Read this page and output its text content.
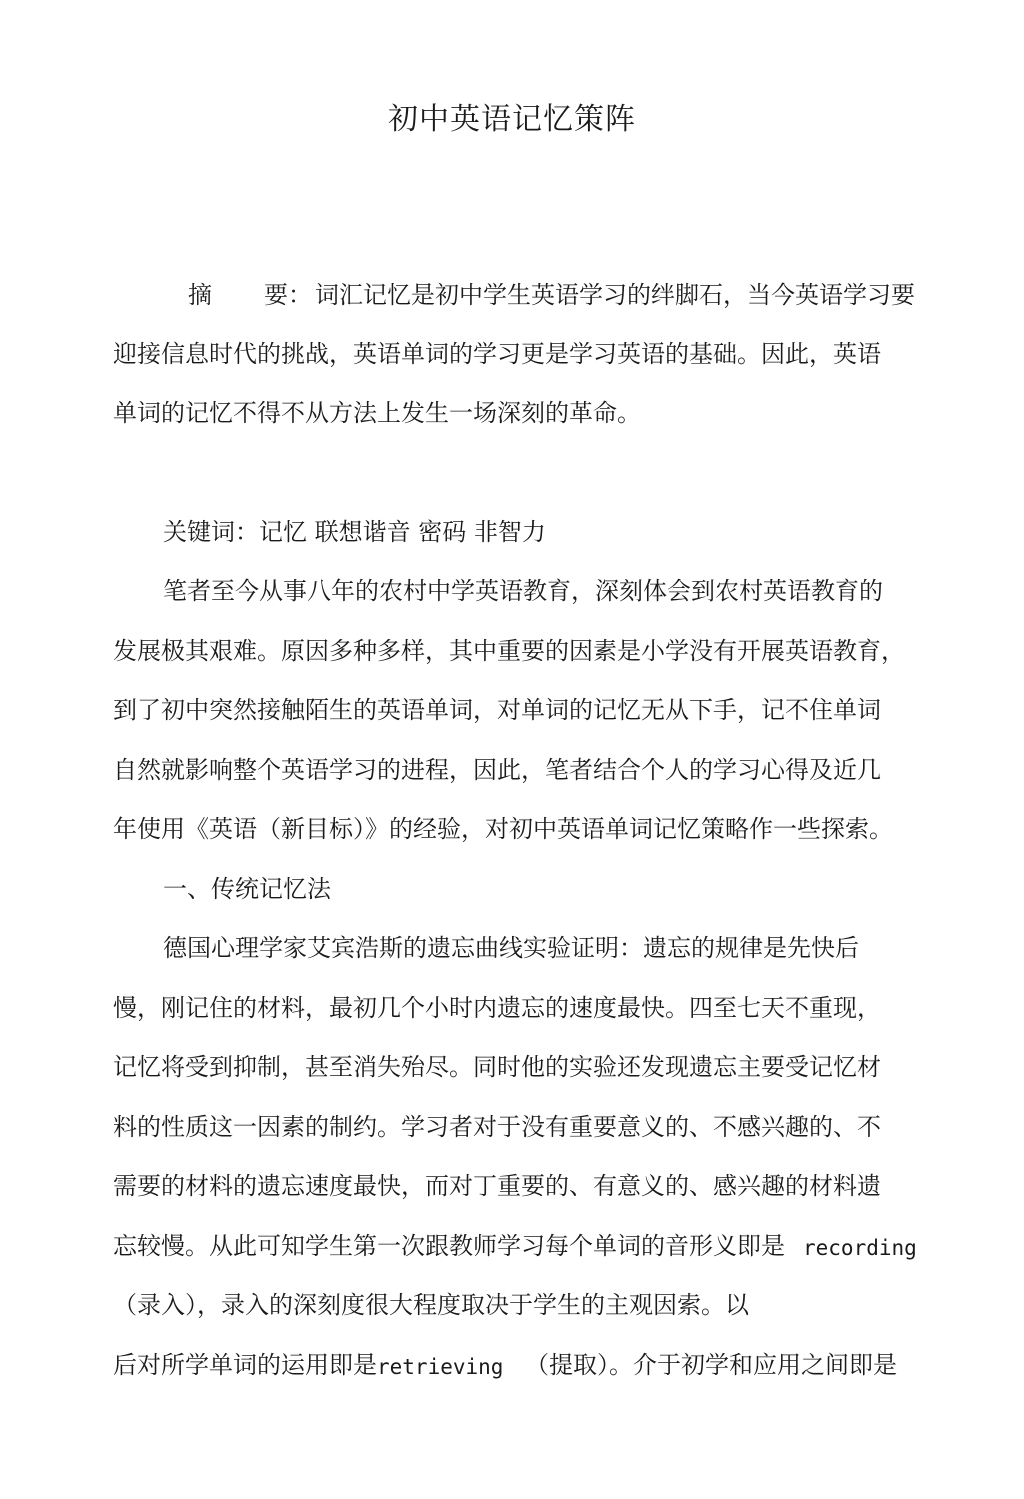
初中英语记忆策阵
摘 要： 词汇记忆是初中学生英语学习的绊脚石，当今英语学习要
迎接信息时代的挑战，英语单词的学习更是学习英语的基础。因此，英语
单词的记忆不得不从方法上发生一场深刻的革命。
关键词：记忆 联想谐音 密码 非智力
笔者至今从事八年的农村中学英语教育，深刻体会到农村英语教育的
发展极其艰难。原因多种多样，其中重要的因素是小学没有开展英语教育，
到了初中突然接触陌生的英语单词，对单词的记忆无从下手，记不住单词
自然就影响整个英语学习的进程，因此，笔者结合个人的学习心得及近几
年使用《英语（新目标）》的经验，对初中英语单词记忆策略作一些探索。
一、传统记忆法
德国心理学家艾宾浩斯的遗忘曲线实验证明：遗忘的规律是先快后
慢，刚记住的材料，最初几个小时内遗忘的速度最快。四至七天不重现，
记忆将受到抑制，甚至消失殆尽。同时他的实验还发现遗忘主要受记忆材
料的性质这一因素的制约。学习者对于没有重要意义的、不感兴趣的、不
需要的材料的遗忘速度最快，而对丁重要的、有意义的、感兴趣的材料遗
忘较慢。从此可知学生第一次跟教师学习每个单词的音形义即是 recording
（录入），录入的深刻度很大程度取决于学生的主观因索。以
后对所学单词的运用即是 retrieving （提取）。介于初学和应用之间即是
